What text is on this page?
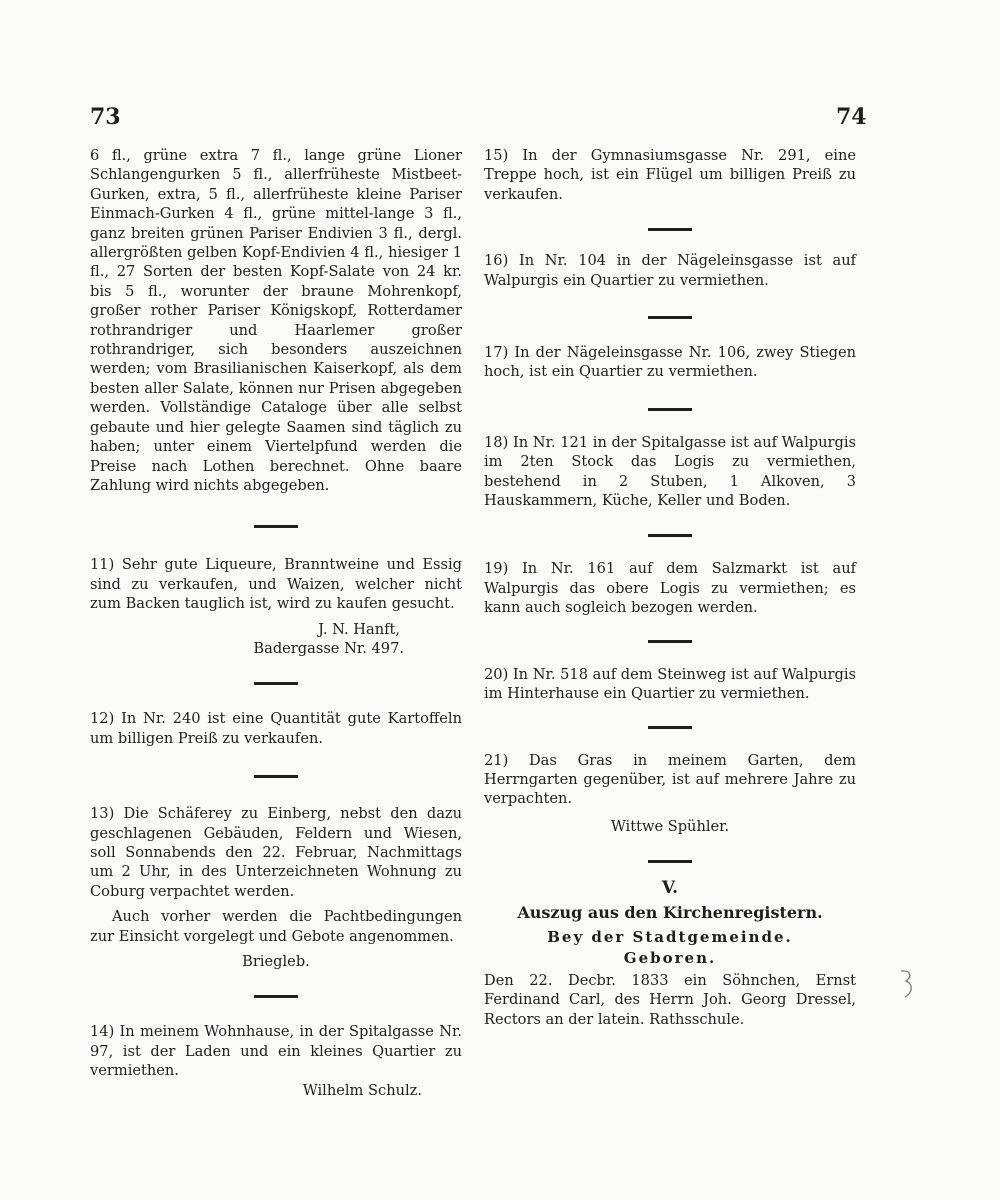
73	74

6 fl., grüne extra 7 fl., lange grüne Lioner Schlangengurken 5 fl., allerfrüheste Mistbeet-Gurken, extra, 5 fl., allerfrüheste kleine Pariser Einmach-Gurken 4 fl., grüne mittel-lange 3 fl., ganz breiten grünen Pariser Endivien 3 fl., dergl. allergrößten gelben Kopf-Endivien 4 fl., hiesiger 1 fl., 27 Sorten der besten Kopf-Salate von 24 kr. bis 5 fl., worunter der braune Mohrenkopf, großer rother Pariser Königskopf, Rotterdamer rothrandriger und Haarlemer großer rothrandriger, sich besonders auszeichnen werden; vom Brasilianischen Kaiserkopf, als dem besten aller Salate, können nur Prisen abgegeben werden. Vollständige Cataloge über alle selbst gebaute und hier gelegte Saamen sind täglich zu haben; unter einem Viertelpfund werden die Preise nach Lothen berechnet. Ohne baare Zahlung wird nichts abgegeben.

11) Sehr gute Liqueure, Branntweine und Essig sind zu verkaufen, und Waizen, welcher nicht zum Backen tauglich ist, wird zu kaufen gesucht.

J. N. Hanft,

Badergasse Nr. 497.

12) In Nr. 240 ist eine Quantität gute Kartoffeln um billigen Preiß zu verkaufen.

13) Die Schäferey zu Einberg, nebst den dazu geschlagenen Gebäuden, Feldern und Wiesen, soll Sonnabends den 22. Februar, Nachmittags um 2 Uhr, in des Unterzeichneten Wohnung zu Coburg verpachtet werden.

Auch vorher werden die Pachtbedingungen zur Einsicht vorgelegt und Gebote angenommen.

Brieglеb.

14) In meinem Wohnhause, in der Spitalgasse Nr. 97, ist der Laden und ein kleines Quartier zu vermiethen.

Wilhelm Schulz.

15) In der Gymnasiumsgasse Nr. 291, eine Treppe hoch, ist ein Flügel um billigen Preiß zu verkaufen.

16) In Nr. 104 in der Nägeleinsgasse ist auf Walpurgis ein Quartier zu vermiethen.

17) In der Nägeleinsgasse Nr. 106, zwey Stiegen hoch, ist ein Quartier zu vermiethen.

18) In Nr. 121 in der Spitalgasse ist auf Walpurgis im 2ten Stock das Logis zu vermiethen, bestehend in 2 Stuben, 1 Alkoven, 3 Hauskammern, Küche, Keller und Boden.

19) In Nr. 161 auf dem Salzmarkt ist auf Walpurgis das obere Logis zu vermiethen; es kann auch sogleich bezogen werden.

20) In Nr. 518 auf dem Steinweg ist auf Walpurgis im Hinterhause ein Quartier zu vermiethen.

21) Das Gras in meinem Garten, dem Herrngarten gegenüber, ist auf mehrere Jahre zu verpachten.

Wittwe Spühler.

V.

Auszug aus den Kirchenregistern.

Bey der Stadtgemeinde.

Geboren.

Den 22. Decbr. 1833 ein Söhnchen, Ernst Ferdinand Carl, des Herrn Joh. Georg Dressel, Rectors an der latein. Rathsschule.
